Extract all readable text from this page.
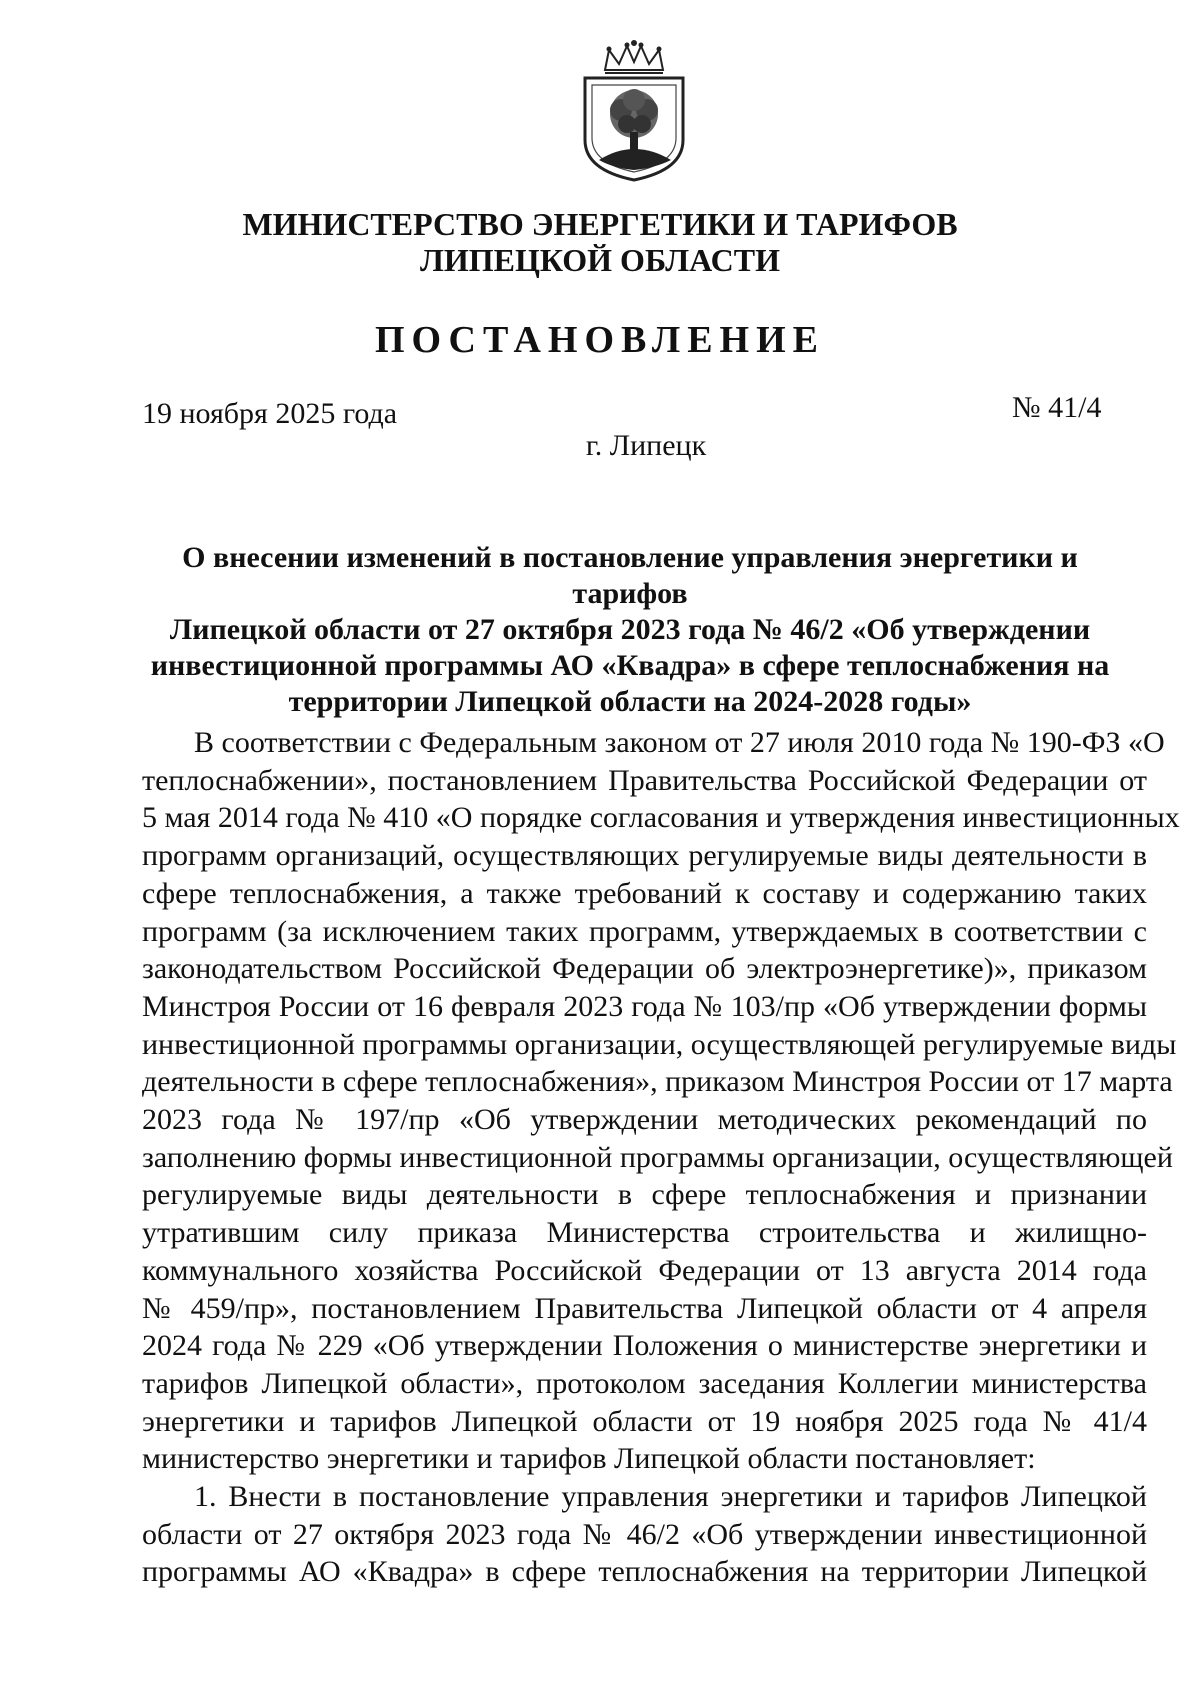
МИНИСТЕРСТВО ЭНЕРГЕТИКИ И ТАРИФОВ
ЛИПЕЦКОЙ ОБЛАСТИ
ПОСТАНОВЛЕНИЕ
19 ноября 2025 года	№ 41/4
г. Липецк
О внесении изменений в постановление управления энергетики и тарифов
Липецкой области от 27 октября 2023 года № 46/2 «Об утверждении
инвестиционной программы АО «Квадра» в сфере теплоснабжения на
территории Липецкой области на 2024-2028 годы»
В соответствии с Федеральным законом от 27 июля 2010 года № 190-ФЗ «О
теплоснабжении», постановлением Правительства Российской Федерации от
5 мая 2014 года № 410 «О порядке согласования и утверждения инвестиционных
программ организаций, осуществляющих регулируемые виды деятельности в
сфере теплоснабжения, а также требований к составу и содержанию таких
программ (за исключением таких программ, утверждаемых в соответствии с
законодательством Российской Федерации об электроэнергетике)», приказом
Минстроя России от 16 февраля 2023 года № 103/пр «Об утверждении формы
инвестиционной программы организации, осуществляющей регулируемые виды
деятельности в сфере теплоснабжения», приказом Минстроя России от 17 марта
2023 года № 197/пр «Об утверждении методических рекомендаций по
заполнению формы инвестиционной программы организации, осуществляющей
регулируемые виды деятельности в сфере теплоснабжения и признании
утратившим силу приказа Министерства строительства и жилищно-
коммунального хозяйства Российской Федерации от 13 августа 2014 года
№ 459/пр», постановлением Правительства Липецкой области от 4 апреля
2024 года № 229 «Об утверждении Положения о министерстве энергетики и
тарифов Липецкой области», протоколом заседания Коллегии министерства
энергетики и тарифов Липецкой области от 19 ноября 2025 года № 41/4
министерство энергетики и тарифов Липецкой области постановляет:
1. Внести в постановление управления энергетики и тарифов Липецкой
области от 27 октября 2023 года № 46/2 «Об утверждении инвестиционной
программы АО «Квадра» в сфере теплоснабжения на территории Липецкой
